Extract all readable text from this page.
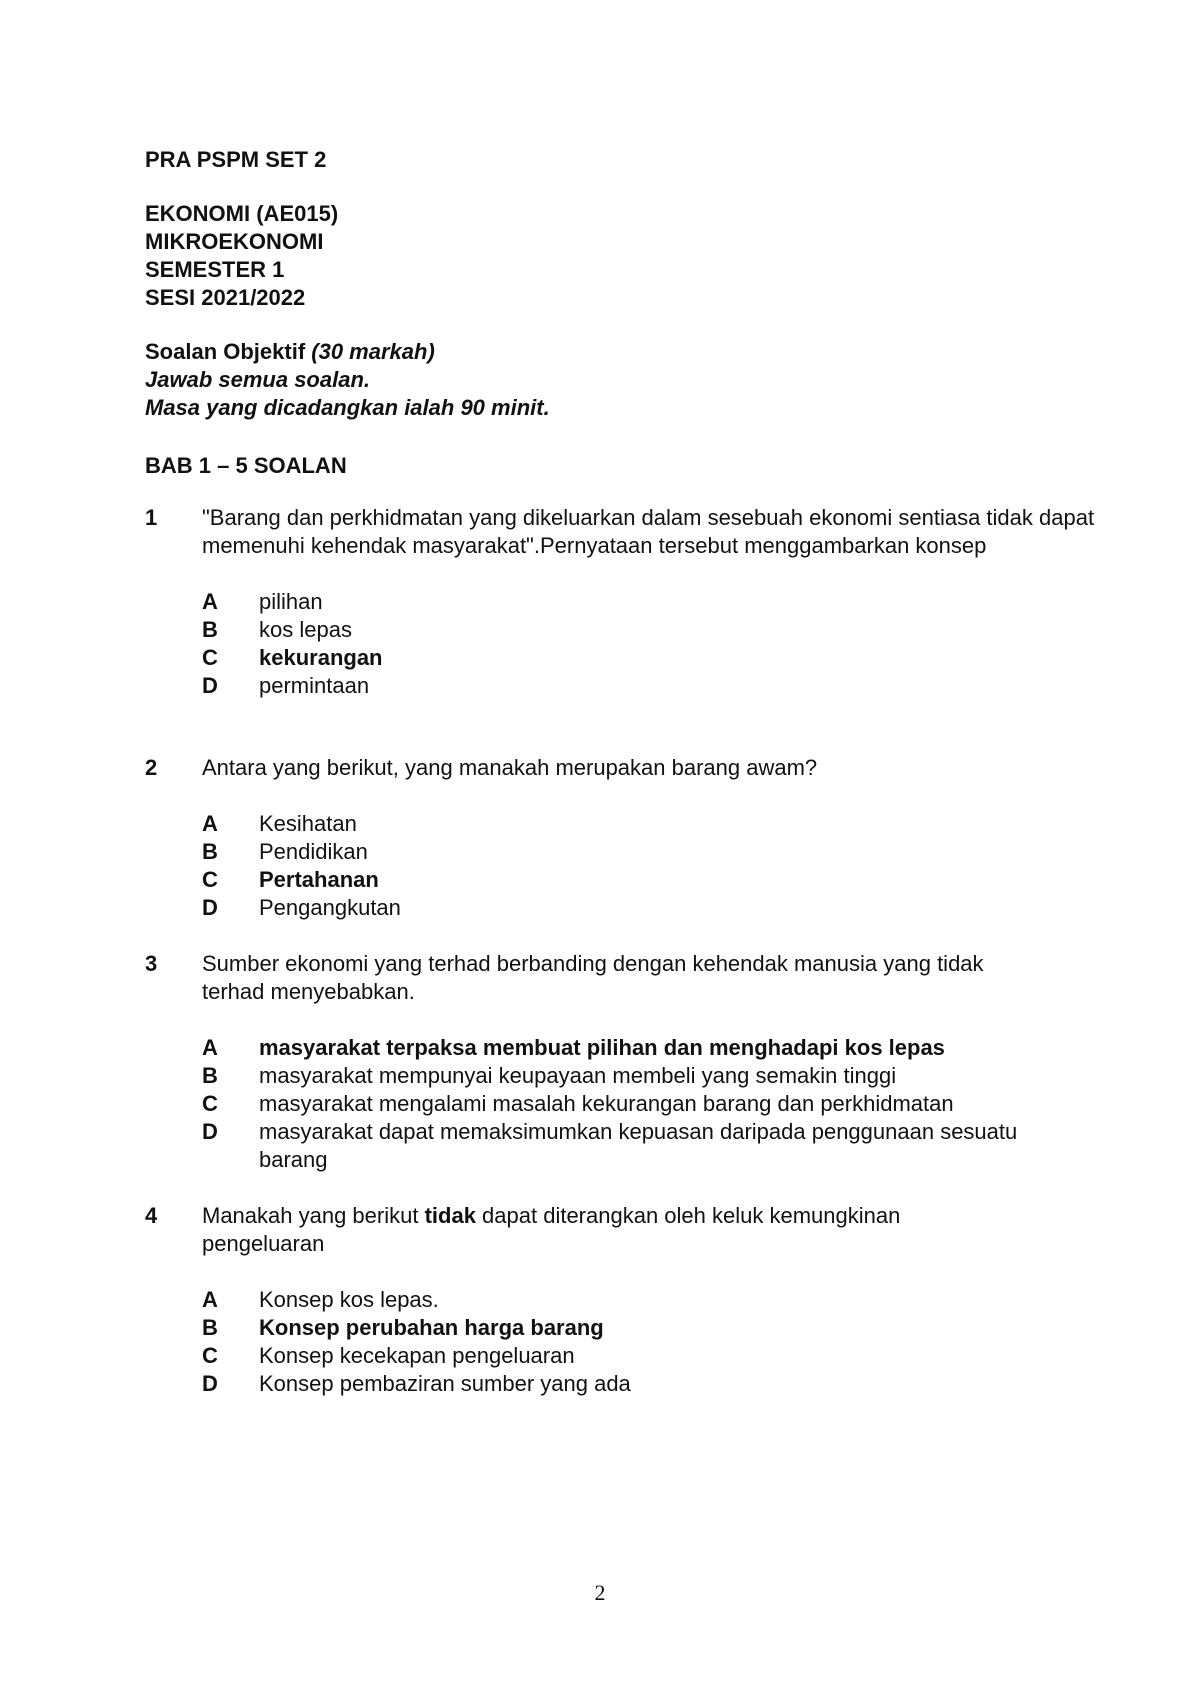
PRA PSPM SET 2
EKONOMI (AE015)
MIKROEKONOMI
SEMESTER 1
SESI 2021/2022
Soalan Objektif (30 markah)
Jawab semua soalan.
Masa yang dicadangkan ialah 90 minit.
BAB 1 – 5 SOALAN
1 "Barang dan perkhidmatan yang dikeluarkan dalam sesebuah ekonomi sentiasa tidak dapat memenuhi kehendak masyarakat".Pernyataan tersebut menggambarkan konsep
A pilihan
B kos lepas
C kekurangan
D permintaan
2 Antara yang berikut, yang manakah merupakan barang awam?
A Kesihatan
B Pendidikan
C Pertahanan
D Pengangkutan
3 Sumber ekonomi yang terhad berbanding dengan kehendak manusia yang tidak terhad menyebabkan.
A masyarakat terpaksa membuat pilihan dan menghadapi kos lepas
B masyarakat mempunyai keupayaan membeli yang semakin tinggi
C masyarakat mengalami masalah kekurangan barang dan perkhidmatan
D masyarakat dapat memaksimumkan kepuasan daripada penggunaan sesuatu barang
4 Manakah yang berikut tidak dapat diterangkan oleh keluk kemungkinan pengeluaran
A Konsep kos lepas.
B Konsep perubahan harga barang
C Konsep kecekapan pengeluaran
D Konsep pembaziran sumber yang ada
2
